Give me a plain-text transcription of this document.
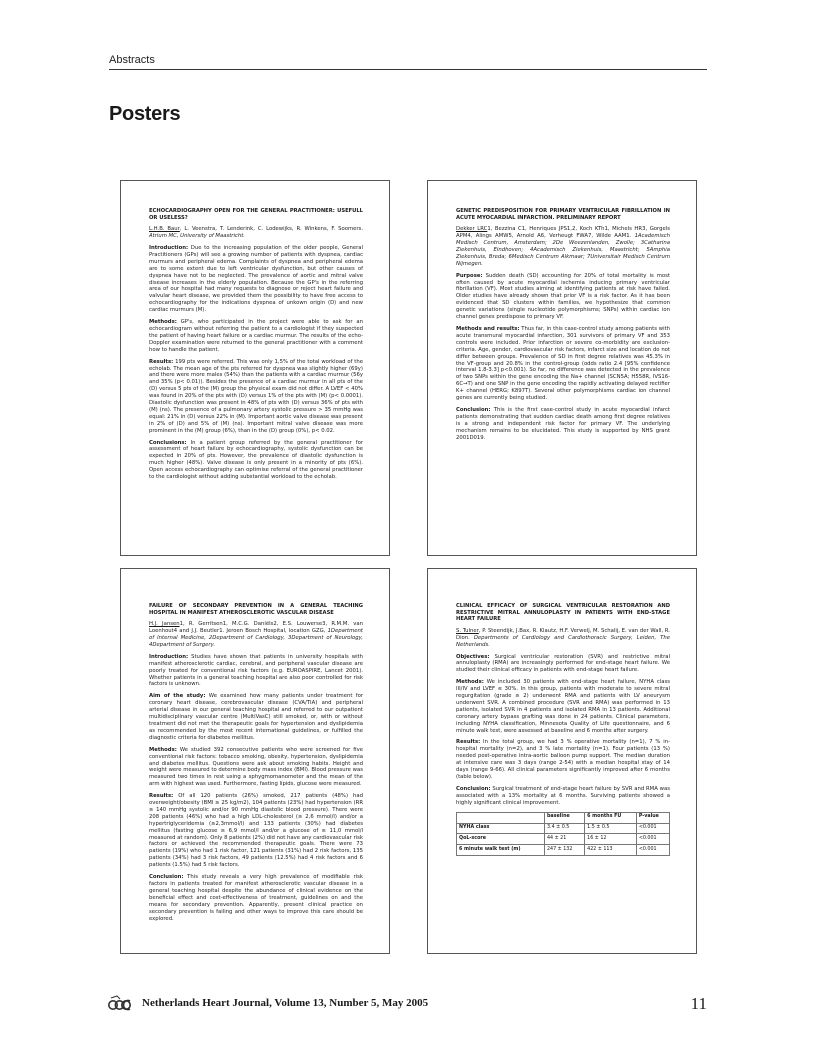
Abstracts
Posters

ECHOCARDIOGRAPHY OPEN FOR THE GENERAL PRACTITIONER: USEFULL OR USELESS?

L.H.B. Baur, L. Veenstra, T. Lenderink, C. Lodewijks, R. Winkens, F. Soomers. Atrium MC, University of Maastricht.

Introduction: Due to the increasing population of the older people, General Practitioners (GPs) will see a growing number of patients with dyspnea, cardiac murmurs and peripheral edema. Complaints of dyspnea and peripheral edema are to some extent due to left ventricular dysfunction, but other causes of dyspnea have not to be neglected. The prevalence of aortic and mitral valve disease increases in the elderly population. Because the GP's in the referring area of our hospital had many requests to diagnose or reject heart failure and valvular heart disease, we provided them the possibility to have free access to echocardiography for the indications dyspnea of unkown origin (D) and new cardiac murmurs (M).

Methods: GP's, who participated in the project were able to ask for an echocardiogram without referring the patient to a cardiologist if they suspected the patient of having heart failure or a cardiac murmur. The results of the echo-Doppler examination were returned to the general practitioner with a comment how to handle the patient.

Results: 199 pts were referred. This was only 1,5% of the total workload of the echolab. The mean age of the pts referred for dyspnea was slightly higher (69y) and there were more males (54%) than the patients with a cardiac murmur (56y and 35% (p< 0.01)). Besides the presence of a cardiac murmur in all pts of the (D) versus 5 pts of the (M) group the physical exam did not differ. A LVEF < 40% was found in 20% of the pts with (D) versus 1% of the pts with (M) (p< 0.0001). Diastolic dysfunction was present in 48% of pts with (D) versus 36% of pts with (M) (ns). The presence of a pulmonary artery systolic pressure > 35 mmHg was equal: 21% in (D) versus 22% in (M). Important aortic valve disease was present in 2% of (D) and 5% of (M) (ns). Important mitral valve disease was more prominent in the (M) group (6%), than in the (D) group (0%), p< 0.02.

Conclusions: In a patient group referred by the general practitioner for assessment of heart failure by echocardiography, systolic dysfunction can be expected in 20% of pts. However, the prevalence of diastolic dysfunction is much higher (48%). Valve disease is only present in a minority of pts (6%). Open access echocardiography can optimise referral of the general practitioner to the cardiologist without adding substantial workload to the echolab.

GENETIC PREDISPOSITION FOR PRIMARY VENTRICULAR FIBRILLATION IN ACUTE MYOCARDIAL INFARCTION. PRELIMINARY REPORT

Dekker LRC1, Bezzina C1, Henriques JPS1,2, Koch KTh1, Michels HR3, Gorgels APM4, Alings AMW5, Arnold A6, Verheugt FWA7, Wilde AAM1. 1Academisch Medisch Centrum, Amsterdam; 2De Weezenlanden, Zwolle; 3Catharina Ziekenhuis, Eindhoven; 4Academisch Ziekenhuis, Maastricht; 5Amphia Ziekenhuis, Breda; 6Medisch Centrum Alkmaar; 7Universitair Medisch Centrum Nijmegen.

Purpose: Sudden death (SD) accounting for 20% of total mortality is most often caused by acute myocardial ischemia inducing primary ventricular fibrillation (VF). Most studies aiming at identifying patients at risk have failed. Older studies have already shown that prior VF is a risk factor. As it has been evidenced that SD clusters within families, we hypothesize that common genetic variations (single nucleotide polymorphisms; SNPs) within cardiac ion channel genes predispose to primary VF.

Methods and results: Thus far, in this case-control study among patients with acute transmural myocardial infarction, 301 survivors of primary VF and 353 controls were included. Prior infarction or severe co-morbidity are exclusion-criteria. Age, gender, cardiovascular risk factors, infarct size and location do not differ between groups. Prevalence of SD in first degree relatives was 45.3% in the VF-group and 20.8% in the control-group (odds ratio 2.4 [95% confidence interval 1.8-3.3] p<0.001). So far, no difference was detected in the prevalence of two SNPs within the gene encoding the Na+ channel (SCN5A; H558R, IVS16-6C→T) and one SNP in the gene encoding the rapidly activating delayed rectifier K+ channel (HERG; K897T). Several other polymorphisms cardiac ion channel genes are currently being studied.

Conclusion: This is the first case-control study in acute myocardial infarct patients demonstrating that sudden cardiac death among first degree relatives is a strong and independent risk factor for primary VF. The underlying mechanism remains to be elucidated. This study is supported by NHS grant 2001D019.

FAILURE OF SECONDARY PREVENTION IN A GENERAL TEACHING HOSPITAL IN MANIFEST ATHEROSCLEROTIC VASCULAR DISEASE

H.J. Jansen1, R. Gerritsen1, M.C.G. Daniëls2, E.S. Louwerse3, R.M.M. van Loenhout4 and J.J. Beutler1. Jeroen Bosch Hospital, location GZG, 1Department of Internal Medicine, 2Department of Cardiology, 3Department of Neurology, 4Department of Surgery.

Introduction: Studies have shown that patients in university hospitals with manifest atherosclerotic cardiac, cerebral, and peripheral vascular disease are poorly treated for conventional risk factors (e.g. EUROASPIRE, Lancet 2001). Whether patients in a general teaching hospital are also poor controlled for risk factors is unknown.

Aim of the study: We examined how many patients under treatment for coronary heart disease, cerebrovascular disease (CVA/TIA) and peripheral arterial disease in our general teaching hospital and referred to our outpatient multidisciplinary vascular centre (MultiVasC) still smoked, or, with or without treatment did not met the therapeutic goals for hypertension and dyslipidemia as recommended by the most recent international guidelines, or fulfilled the diagnostic criteria for diabetes mellitus.

Methods: We studied 392 consecutive patients who were screened for five conventional risk factors: tobacco smoking, obesity, hypertension, dyslipidemia and diabetes mellitus. Questions were ask about smoking habits. Height and weight were measured to determine body mass index (BMI). Blood pressure was measured two times in rest using a sphygmomanometer and the mean of the arm with highest was used. Furthermore, fasting lipids, glucose were measured.

Results: Of all 120 patients (26%) smoked, 217 patients (48%) had overweight/obesity (BMI ≥ 25 kg/m2), 104 patients (23%) had hypertension (RR ≥ 140 mmHg systolic and/or 90 mmHg diastolic blood pressure). There were 208 patients (46%) who had a high LDL-cholesterol (≥ 2,6 mmol/l) and/or a hypertriglyceridemia (≥2,3mmol/l) and 133 patients (30%) had diabetes mellitus (fasting glucose ≥ 6,9 mmol/l and/or a glucose of ≥ 11,0 mmol/l measured at random). Only 8 patients (2%) did not have any cardiovascular risk factors or achieved the recommended therapeutic goals. There were 73 patients (19%) who had 1 risk factor, 121 patients (31%) had 2 risk factors, 135 patients (34%) had 3 risk factors, 49 patients (12.5%) had 4 risk factors and 6 patients (1.5%) had 5 risk factors.

Conclusion: This study reveals a very high prevalence of modifiable risk factors in patients treated for manifest atherosclerotic vascular disease in a general teaching hospital despite the abundance of clinical evidence on the beneficial effect and cost-effectiveness of treatment, guidelines on and the means for secondary prevention. Apparently, present clinical practice on secondary prevention is failing and other ways to improve this care should be explored.

CLINICAL EFFICACY OF SURGICAL VENTRICULAR RESTORATION AND RESTRICTIVE MITRAL ANNULOPLASTY IN PATIENTS WITH END-STAGE HEART FAILURE

S. Tulner, P. Steendijk, J.Bax, R. Klautz, H.F. Verwelj, M. Schalij, E. van der Wall, R. Dion. Departments of Cardiology and Cardiothoracic Surgery, Leiden, The Netherlands.

Objectives: Surgical ventricular restoration (SVR) and restrictive mitral annuloplasty (RMA) are increasingly performed for end-stage heart failure. We studied their clinical efficacy in patients with end-stage heart failure.

Methods: We included 30 patients with end-stage heart failure, NYHA class III/IV and LVEF ≤ 30%. In this group, patients with moderate to severe mitral regurgitation (grade ≥ 2) underwent RMA and patients with LV aneurysm underwent SVR. A combined procedure (SVR and RMA) was performed in 13 patients, isolated SVR in 4 patients and isolated RMA in 13 patients. Additional coronary artery bypass grafting was done in 24 patients. Clinical parameters, including NYHA classification, Minnesota Quality of Life questionnaire, and 6 minute walk test, were assessed at baseline and 6 months after surgery.

Results: In the total group, we had 3 % operative mortality (n=1), 7 % in-hospital mortality (n=2), and 3 % late mortality (n=1). Four patients (13 %) needed post-operative intra-aortic balloon pump support. The median duration at intensive care was 3 days (range 2-54) with a median hospital stay of 14 days (range 9-66). All clinical parameters significantly improved after 6 months (table below).

Conclusion: Surgical treatment of end-stage heart failure by SVR and RMA was associated with a 13% mortality at 6 months. Surviving patients showed a highly significant clinical improvement.

	baseline	6 months FU	P-value
NYHA class	3.4 ± 0.5	1.5 ± 0.5	<0.001
QoL-score	44 ± 21	16 ± 12	<0.001
6 minute walk test (m)	247 ± 132	422 ± 113	<0.001
Netherlands Heart Journal, Volume 13, Number 5, May 2005	11
